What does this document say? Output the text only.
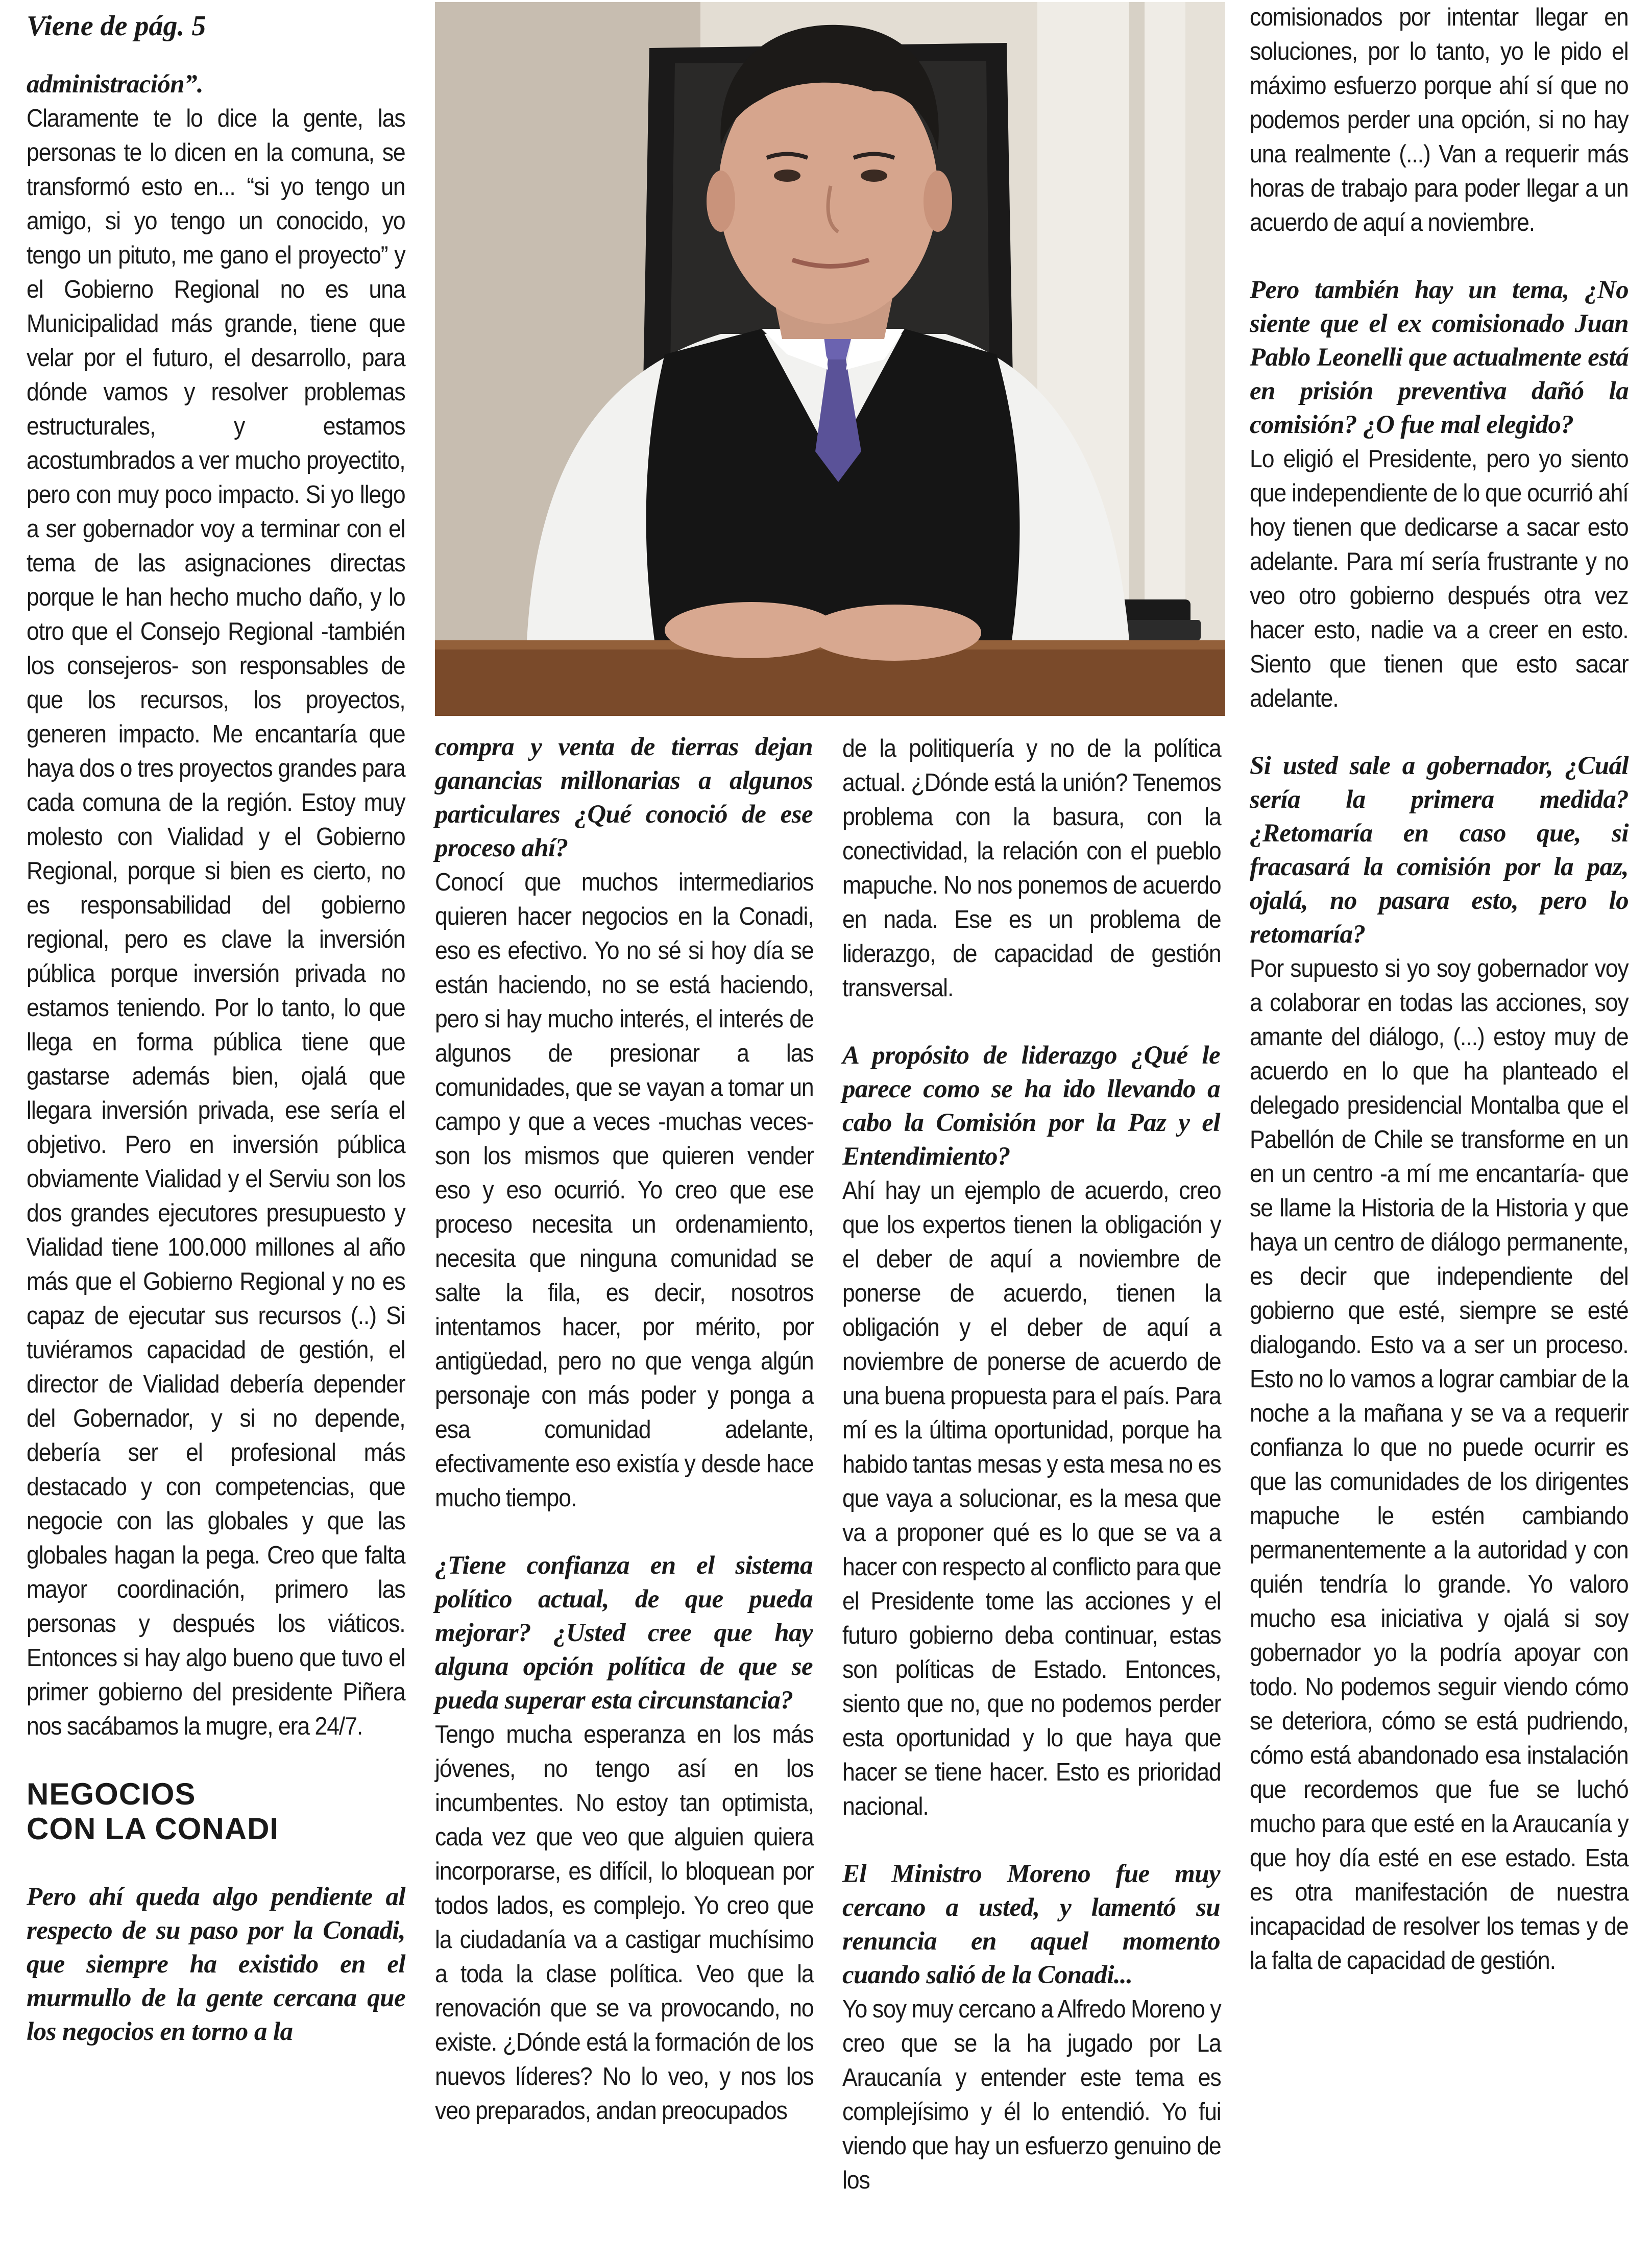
Viene de pág. 5

administración”.

Claramente te lo dice la gente, las personas te lo dicen en la comuna, se transformó esto en... “si yo tengo un amigo, si yo tengo un conocido, yo tengo un pituto, me gano el proyecto” y el Gobierno Regional no es una Municipalidad más grande, tiene que velar por el futuro, el desarrollo, para dónde vamos y resolver problemas estructurales, y estamos acostumbrados a ver mucho proyectito, pero con muy poco impacto. Si yo llego a ser gobernador voy a terminar con el tema de las asignaciones directas porque le han hecho mucho daño, y lo otro que el Consejo Regional -también los consejeros- son responsables de que los recursos, los proyectos, generen impacto. Me encantaría que haya dos o tres proyectos grandes para cada comuna de la región. Estoy muy molesto con Vialidad y el Gobierno Regional, porque si bien es cierto, no es responsabilidad del gobierno regional, pero es clave la inversión pública porque inversión privada no estamos teniendo. Por lo tanto, lo que llega en forma pública tiene que gastarse además bien, ojalá que llegara inversión privada, ese sería el objetivo. Pero en inversión pública obviamente Vialidad y el Serviu son los dos grandes ejecutores presupuesto y Vialidad tiene 100.000 millones al año más que el Gobierno Regional y no es capaz de ejecutar sus recursos (..) Si tuviéramos capacidad de gestión, el director de Vialidad debería depender del Gobernador, y si no depende, debería ser el profesional más destacado y con competencias, que negocie con las globales y que las globales hagan la pega. Creo que falta mayor coordinación, primero las personas y después los viáticos. Entonces si hay algo bueno que tuvo el primer gobierno del presidente Piñera nos sacábamos la mugre, era 24/7.

NEGOCIOS
CON LA CONADI

Pero ahí queda algo pendiente al respecto de su paso por la Conadi, que siempre ha existido en el murmullo de la gente cercana que los negocios en torno a la

compra y venta de tierras dejan ganancias millonarias a algunos particulares ¿Qué conoció de ese proceso ahí?

Conocí que muchos intermediarios quieren hacer negocios en la Conadi, eso es efectivo. Yo no sé si hoy día se están haciendo, no se está haciendo, pero si hay mucho interés, el interés de algunos de presionar a las comunidades, que se vayan a tomar un campo y que a veces -muchas veces- son los mismos que quieren vender eso y eso ocurrió. Yo creo que ese proceso necesita un ordenamiento, necesita que ninguna comunidad se salte la fila, es decir, nosotros intentamos hacer, por mérito, por antigüedad, pero no que venga algún personaje con más poder y ponga a esa comunidad adelante, efectivamente eso existía y desde hace mucho tiempo.

¿Tiene confianza en el sistema político actual, de que pueda mejorar? ¿Usted cree que hay alguna opción política de que se pueda superar esta circunstancia?

Tengo mucha esperanza en los más jóvenes, no tengo así en los incumbentes. No estoy tan optimista, cada vez que veo que alguien quiera incorporarse, es difícil, lo bloquean por todos lados, es complejo. Yo creo que la ciudadanía va a castigar muchísimo a toda la clase política. Veo que la renovación que se va provocando, no existe. ¿Dónde está la formación de los nuevos líderes? No lo veo, y nos los veo preparados, andan preocupados

de la politiquería y no de la política actual. ¿Dónde está la unión? Tenemos problema con la basura, con la conectividad, la relación con el pueblo mapuche. No nos ponemos de acuerdo en nada. Ese es un problema de liderazgo, de capacidad de gestión transversal.

A propósito de liderazgo ¿Qué le parece como se ha ido llevando a cabo la Comisión por la Paz y el Entendimiento?

Ahí hay un ejemplo de acuerdo, creo que los expertos tienen la obligación y el deber de aquí a noviembre de ponerse de acuerdo, tienen la obligación y el deber de aquí a noviembre de ponerse de acuerdo de una buena propuesta para el país. Para mí es la última oportunidad, porque ha habido tantas mesas y esta mesa no es que vaya a solucionar, es la mesa que va a proponer qué es lo que se va a hacer con respecto al conflicto para que el Presidente tome las acciones y el futuro gobierno deba continuar, estas son políticas de Estado. Entonces, siento que no, que no podemos perder esta oportunidad y lo que haya que hacer se tiene hacer. Esto es prioridad nacional.

El Ministro Moreno fue muy cercano a usted, y lamentó su renuncia en aquel momento cuando salió de la Conadi...

Yo soy muy cercano a Alfredo Moreno y creo que se la ha jugado por La Araucanía y entender este tema es complejísimo y él lo entendió. Yo fui viendo que hay un esfuerzo genuino de los

comisionados por intentar llegar en soluciones, por lo tanto, yo le pido el máximo esfuerzo porque ahí sí que no podemos perder una opción, si no hay una realmente (...) Van a requerir más horas de trabajo para poder llegar a un acuerdo de aquí a noviembre.

Pero también hay un tema, ¿No siente que el ex comisionado Juan Pablo Leonelli que actualmente está en prisión preventiva dañó la comisión? ¿O fue mal elegido?

Lo eligió el Presidente, pero yo siento que independiente de lo que ocurrió ahí hoy tienen que dedicarse a sacar esto adelante. Para mí sería frustrante y no veo otro gobierno después otra vez hacer esto, nadie va a creer en esto. Siento que tienen que esto sacar adelante.

Si usted sale a gobernador, ¿Cuál sería la primera medida? ¿Retomaría en caso que, si fracasará la comisión por la paz, ojalá, no pasara esto, pero lo retomaría?

Por supuesto si yo soy gobernador voy a colaborar en todas las acciones, soy amante del diálogo, (...) estoy muy de acuerdo en lo que ha planteado el delegado presidencial Montalba que el Pabellón de Chile se transforme en un en un centro -a mí me encantaría- que se llame la Historia de la Historia y que haya un centro de diálogo permanente, es decir que independiente del gobierno que esté, siempre se esté dialogando. Esto va a ser un proceso. Esto no lo vamos a lograr cambiar de la noche a la mañana y se va a requerir confianza lo que no puede ocurrir es que las comunidades de los dirigentes mapuche le estén cambiando permanentemente a la autoridad y con quién tendría lo grande. Yo valoro mucho esa iniciativa y ojalá si soy gobernador yo la podría apoyar con todo. No podemos seguir viendo cómo se deteriora, cómo se está pudriendo, cómo está abandonado esa instalación que recordemos que fue se luchó mucho para que esté en la Araucanía y que hoy día esté en ese estado. Esta es otra manifestación de nuestra incapacidad de resolver los temas y de la falta de capacidad de gestión.
